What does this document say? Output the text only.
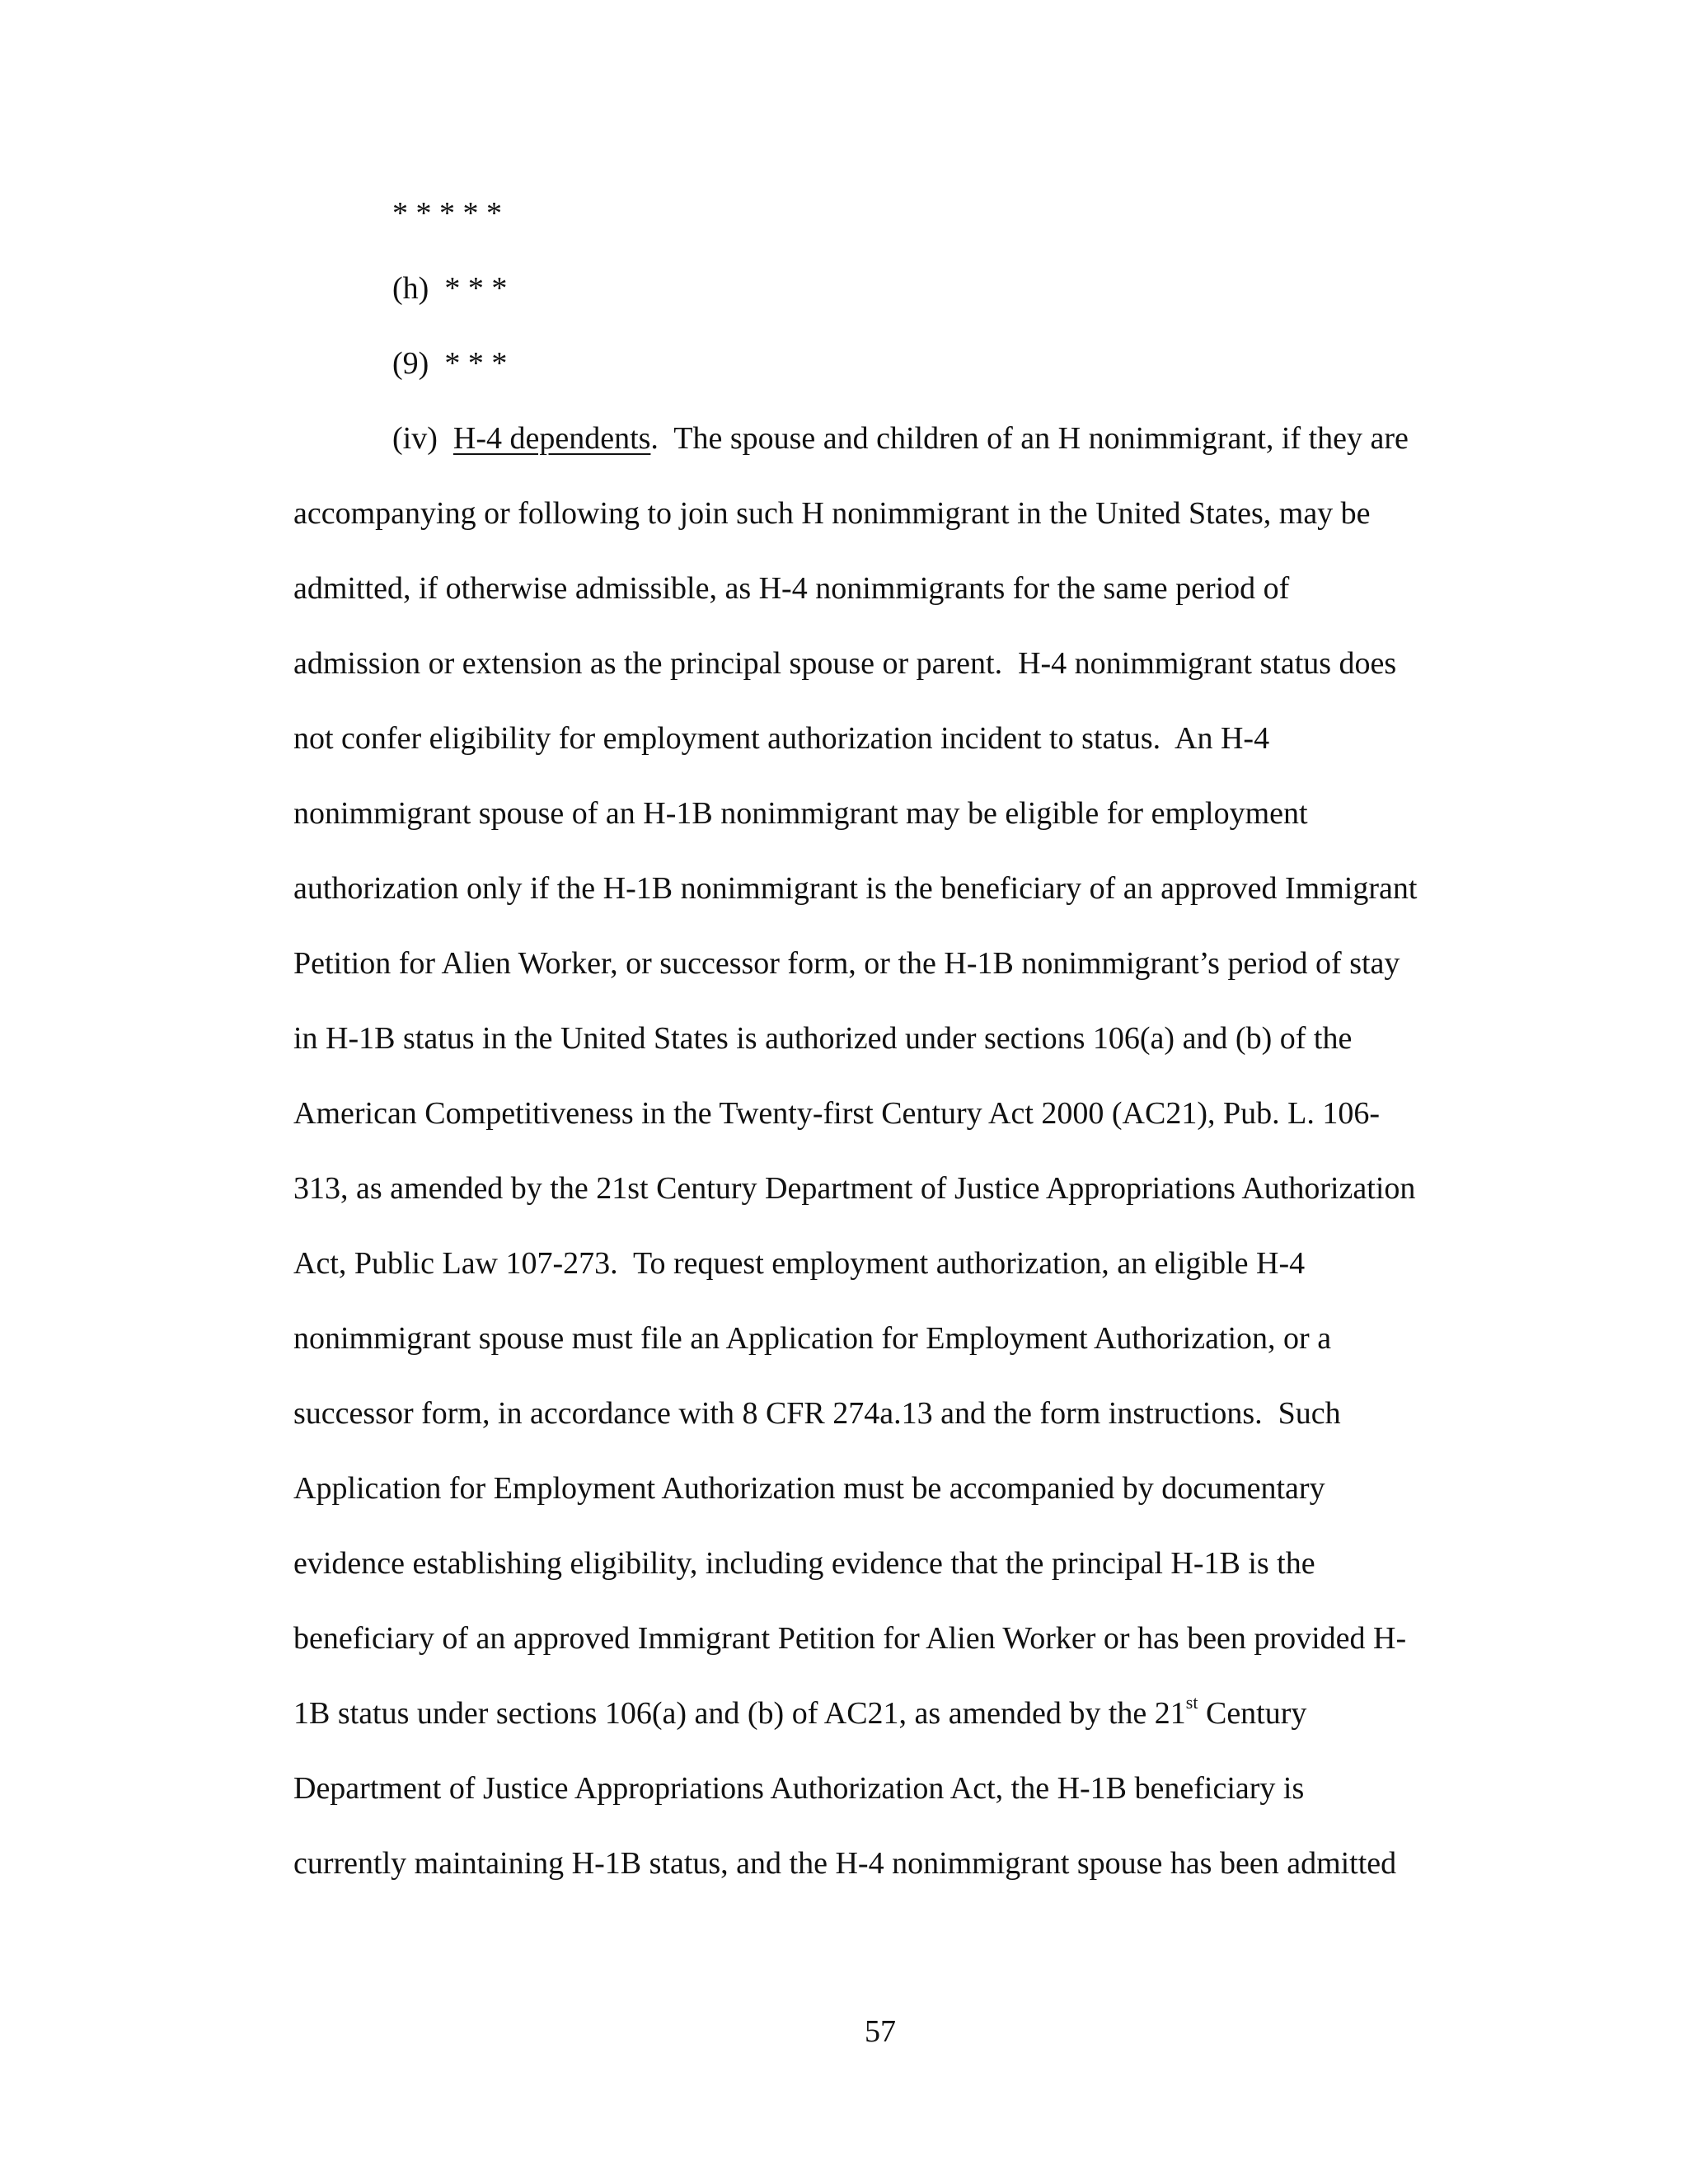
* * * * *
(h) * * *
(9) * * *
(iv) H-4 dependents.  The spouse and children of an H nonimmigrant, if they are
accompanying or following to join such H nonimmigrant in the United States, may be
admitted, if otherwise admissible, as H-4 nonimmigrants for the same period of
admission or extension as the principal spouse or parent.  H-4 nonimmigrant status does
not confer eligibility for employment authorization incident to status.  An H-4
nonimmigrant spouse of an H-1B nonimmigrant may be eligible for employment
authorization only if the H-1B nonimmigrant is the beneficiary of an approved Immigrant
Petition for Alien Worker, or successor form, or the H-1B nonimmigrant’s period of stay
in H-1B status in the United States is authorized under sections 106(a) and (b) of the
American Competitiveness in the Twenty-first Century Act 2000 (AC21), Pub. L. 106-
313, as amended by the 21st Century Department of Justice Appropriations Authorization
Act, Public Law 107-273.  To request employment authorization, an eligible H-4
nonimmigrant spouse must file an Application for Employment Authorization, or a
successor form, in accordance with 8 CFR 274a.13 and the form instructions.  Such
Application for Employment Authorization must be accompanied by documentary
evidence establishing eligibility, including evidence that the principal H-1B is the
beneficiary of an approved Immigrant Petition for Alien Worker or has been provided H-
1B status under sections 106(a) and (b) of AC21, as amended by the 21st Century
Department of Justice Appropriations Authorization Act, the H-1B beneficiary is
currently maintaining H-1B status, and the H-4 nonimmigrant spouse has been admitted
57
